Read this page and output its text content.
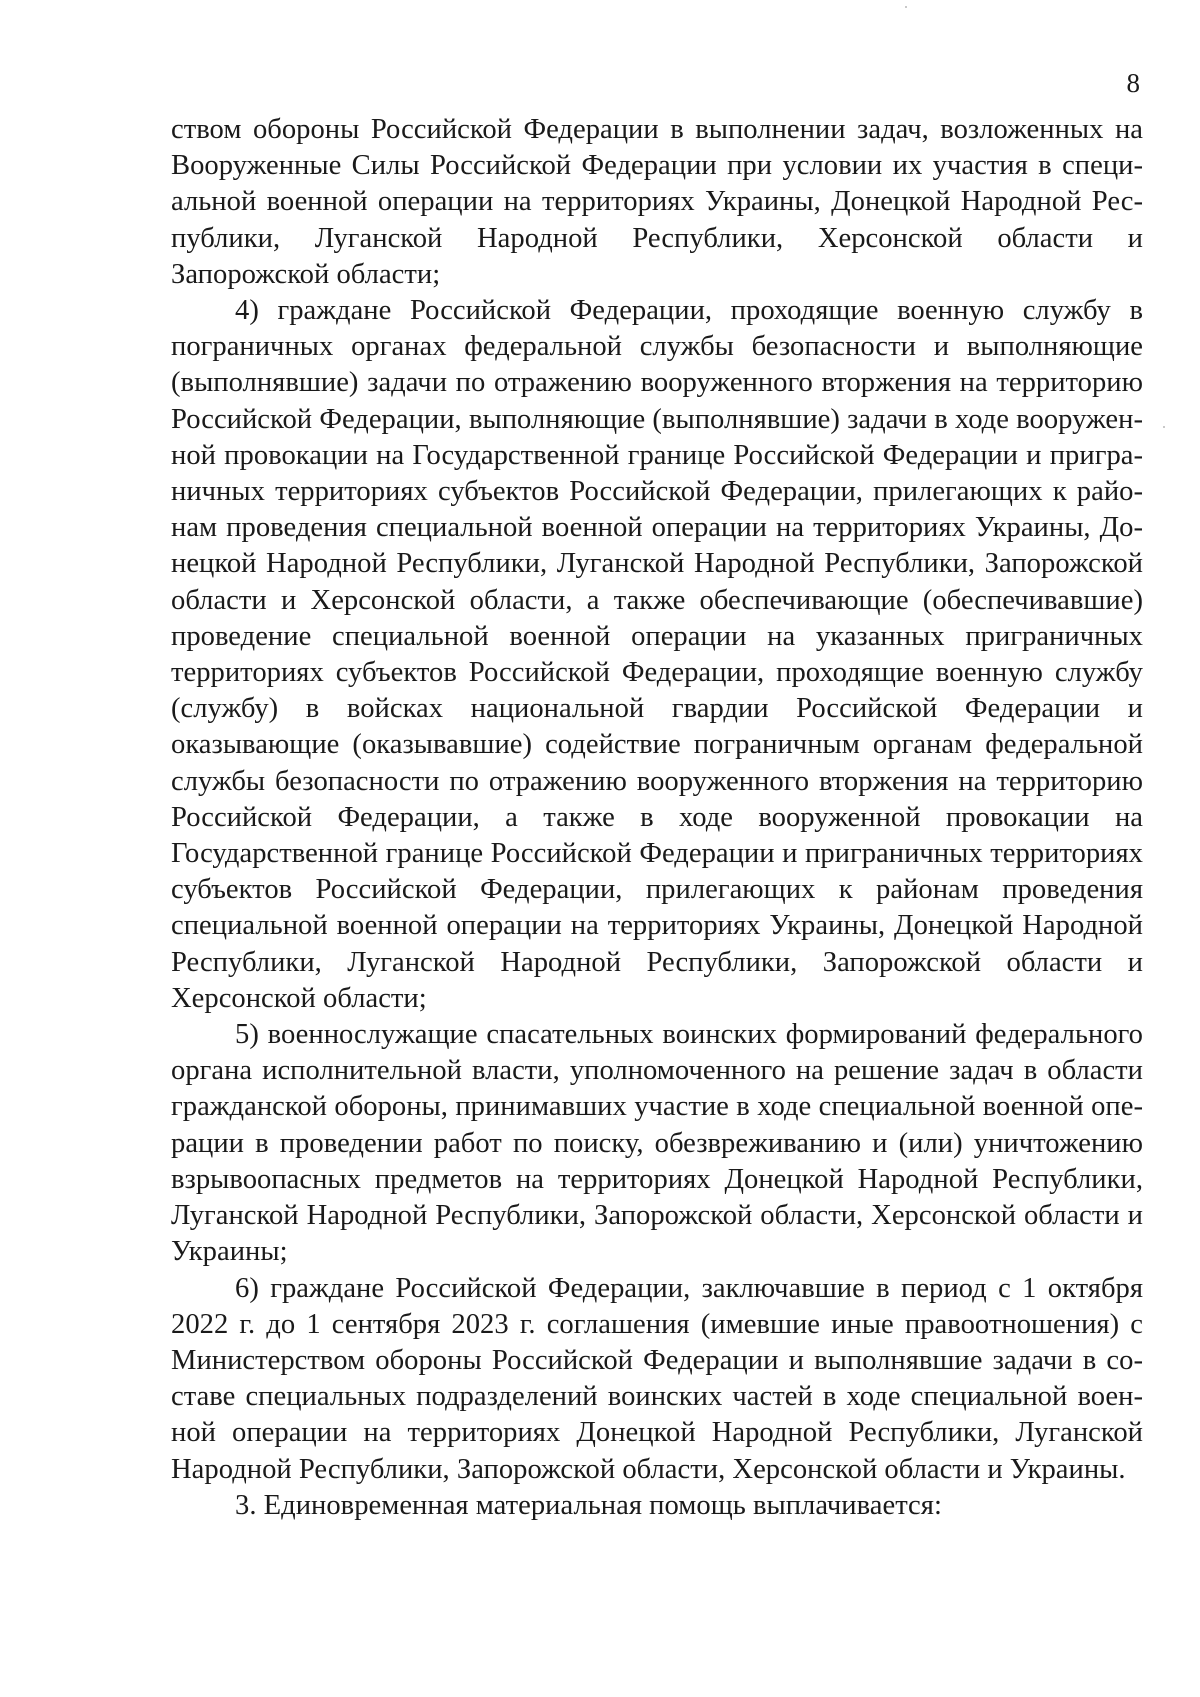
8

ством обороны Российской Федерации в выполнении задач, возложенных на Вооруженные Силы Российской Федерации при условии их участия в специальной военной операции на территориях Украины, Донецкой Народной Республики, Луганской Народной Республики, Херсонской области и Запорожской области;

4) граждане Российской Федерации, проходящие военную службу в пограничных органах федеральной службы безопасности и выполняющие (выполнявшие) задачи по отражению вооруженного вторжения на территорию Российской Федерации, выполняющие (выполнявшие) задачи в ходе вооруженной провокации на Государственной границе Российской Федерации и приграничных территориях субъектов Российской Федерации, прилегающих к районам проведения специальной военной операции на территориях Украины, Донецкой Народной Республики, Луганской Народной Республики, Запорожской области и Херсонской области, а также обеспечивающие (обеспечивавшие) проведение специальной военной операции на указанных приграничных территориях субъектов Российской Федерации, проходящие военную службу (службу) в войсках национальной гвардии Российской Федерации и оказывающие (оказывавшие) содействие пограничным органам федеральной службы безопасности по отражению вооруженного вторжения на территорию Российской Федерации, а также в ходе вооруженной провокации на Государственной границе Российской Федерации и приграничных территориях субъектов Российской Федерации, прилегающих к районам проведения специальной военной операции на территориях Украины, Донецкой Народной Республики, Луганской Народной Республики, Запорожской области и Херсонской области;

5) военнослужащие спасательных воинских формирований федерального органа исполнительной власти, уполномоченного на решение задач в области гражданской обороны, принимавших участие в ходе специальной военной операции в проведении работ по поиску, обезвреживанию и (или) уничтожению взрывоопасных предметов на территориях Донецкой Народной Республики, Луганской Народной Республики, Запорожской области, Херсонской области и Украины;

6) граждане Российской Федерации, заключавшие в период с 1 октября 2022 г. до 1 сентября 2023 г. соглашения (имевшие иные правоотношения) с Министерством обороны Российской Федерации и выполнявшие задачи в составе специальных подразделений воинских частей в ходе специальной военной операции на территориях Донецкой Народной Республики, Луганской Народной Республики, Запорожской области, Херсонской области и Украины.

3. Единовременная материальная помощь выплачивается:
